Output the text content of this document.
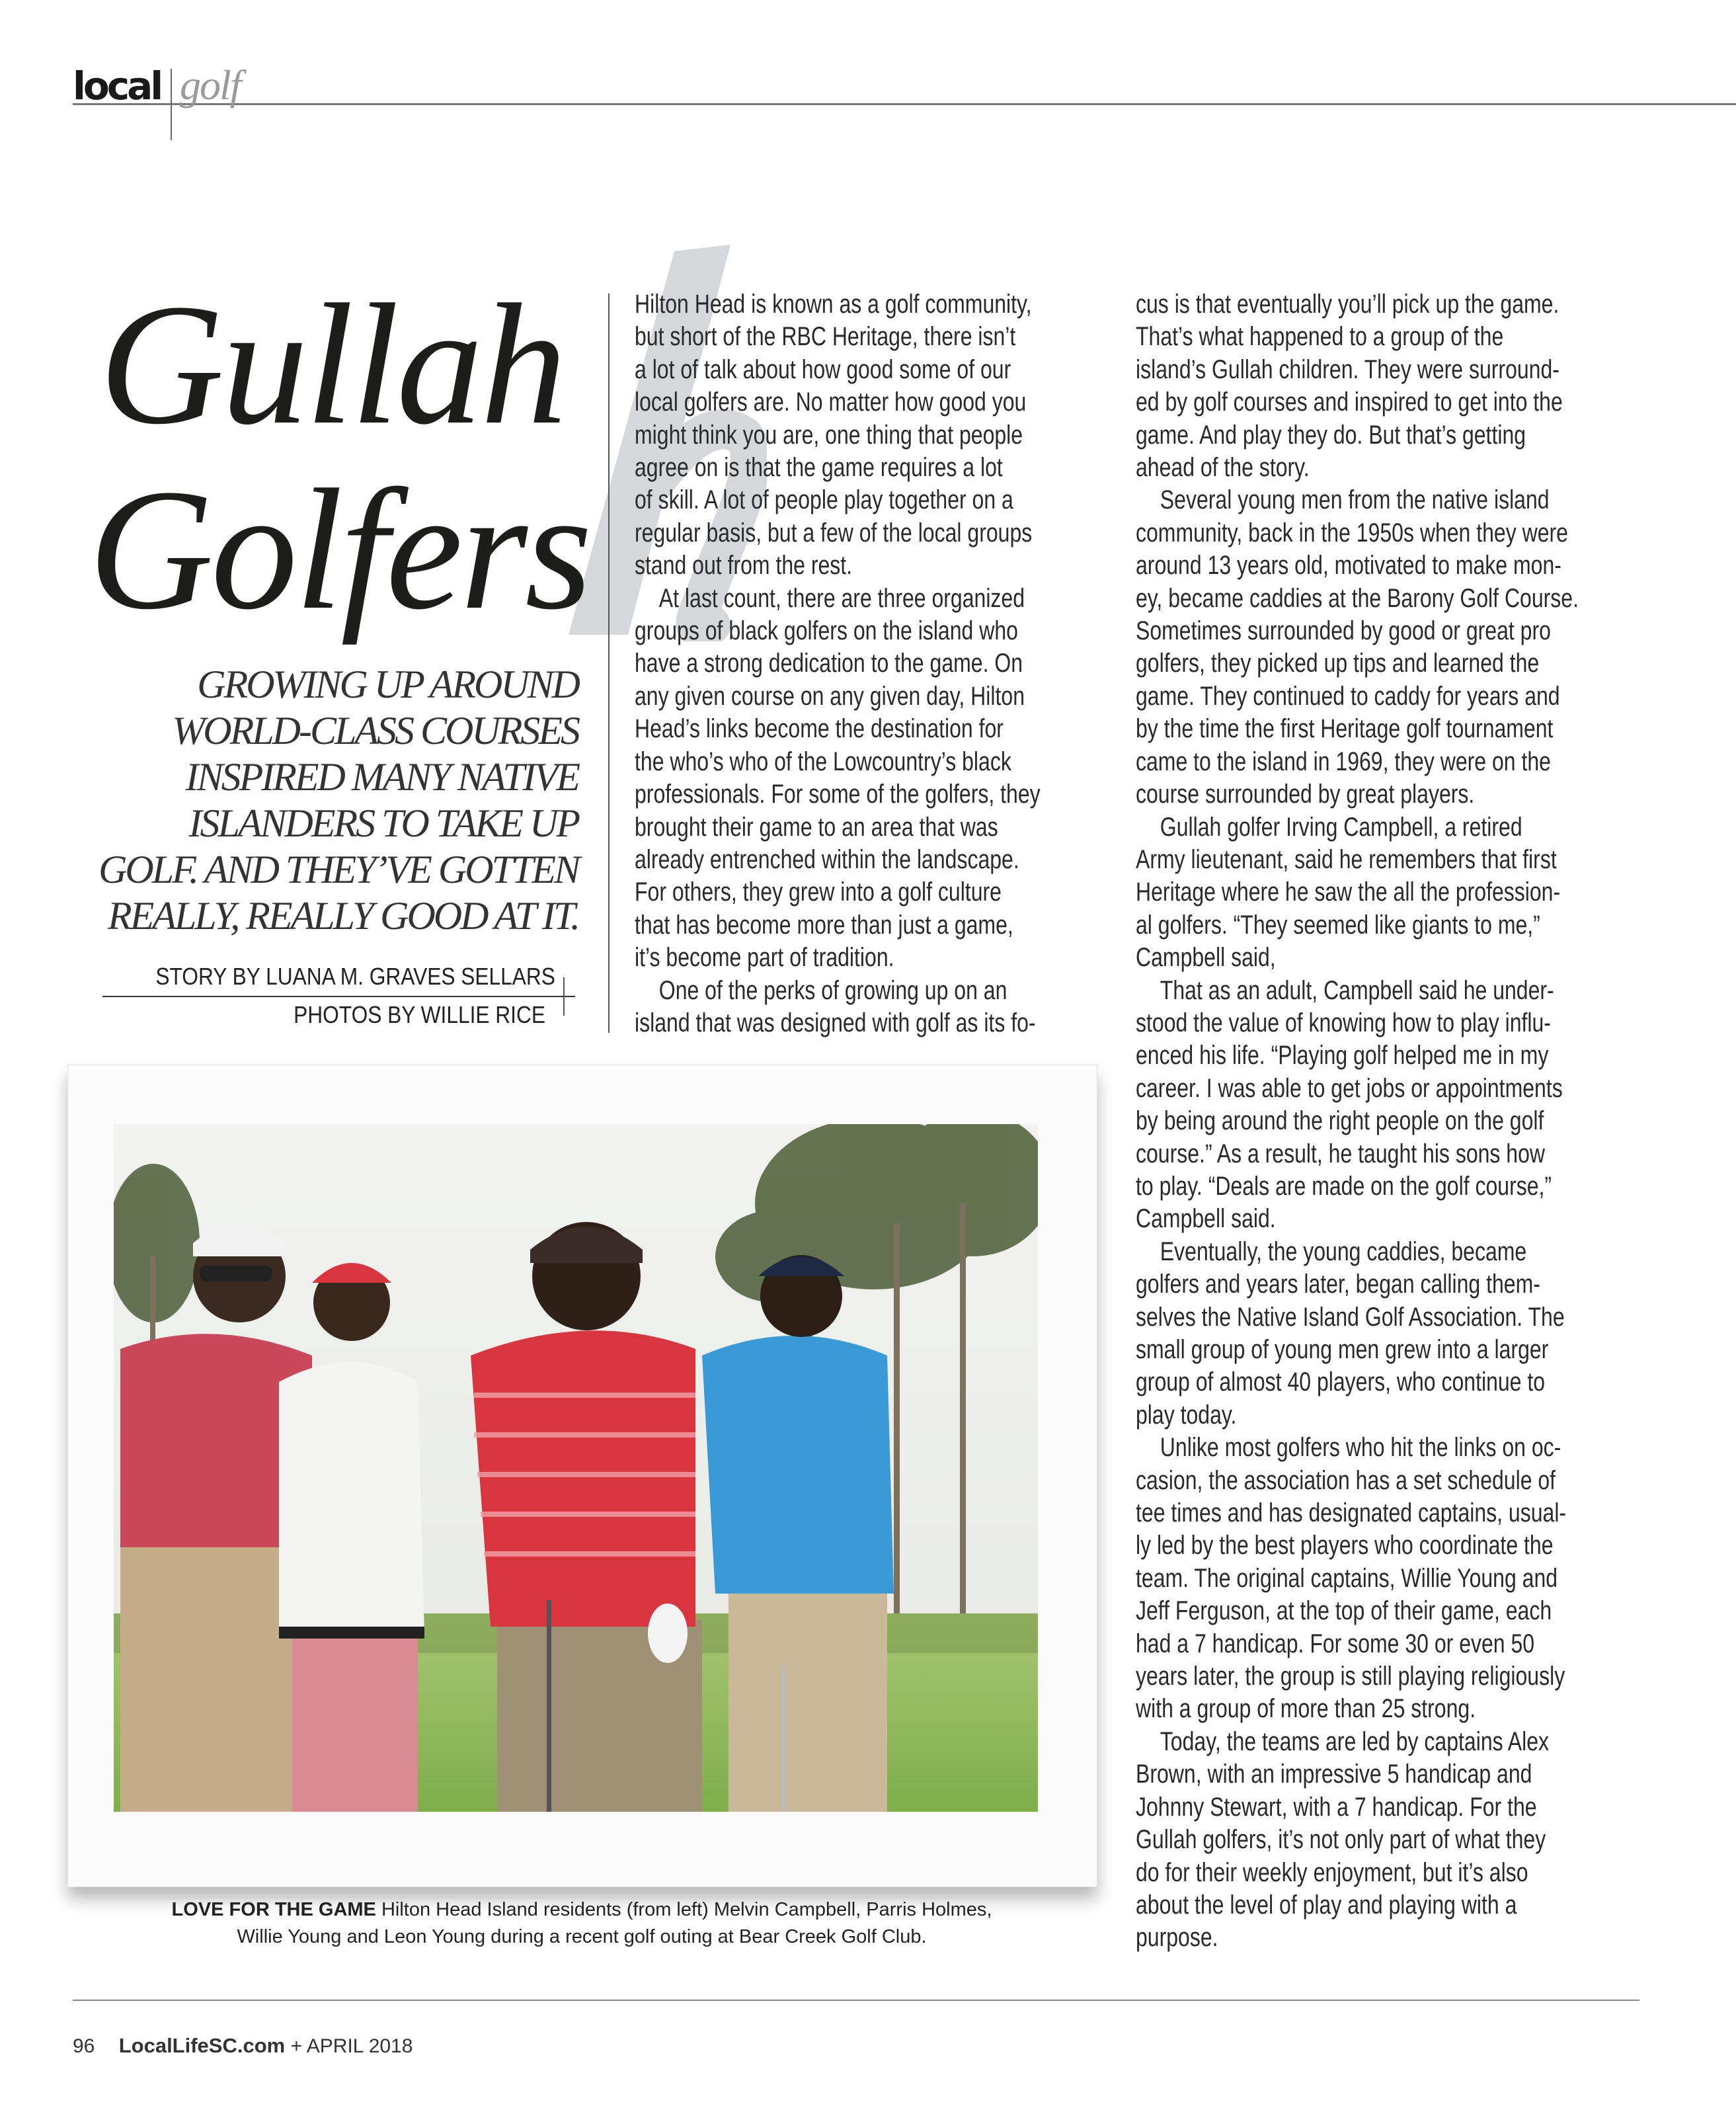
local golf
Gullah
Golfers
GROWING UP AROUND
WORLD-CLASS COURSES
INSPIRED MANY NATIVE
ISLANDERS TO TAKE UP
GOLF. AND THEY’VE GOTTEN
REALLY, REALLY GOOD AT IT.
STORY BY LUANA M. GRAVES SELLARS
PHOTOS BY WILLIE RICE
Hilton Head is known as a golf community,
but short of the RBC Heritage, there isn’t
a lot of talk about how good some of our
local golfers are. No matter how good you
might think you are, one thing that people
agree on is that the game requires a lot
of skill. A lot of people play together on a
regular basis, but a few of the local groups
stand out from the rest.
At last count, there are three organized
groups of black golfers on the island who
have a strong dedication to the game. On
any given course on any given day, Hilton
Head’s links become the destination for
the who’s who of the Lowcountry’s black
professionals. For some of the golfers, they
brought their game to an area that was
already entrenched within the landscape.
For others, they grew into a golf culture
that has become more than just a game,
it’s become part of tradition.
One of the perks of growing up on an
island that was designed with golf as its fo-
cus is that eventually you’ll pick up the game.
That’s what happened to a group of the
island’s Gullah children. They were surround-
ed by golf courses and inspired to get into the
game. And play they do. But that’s getting
ahead of the story.
Several young men from the native island
community, back in the 1950s when they were
around 13 years old, motivated to make mon-
ey, became caddies at the Barony Golf Course.
Sometimes surrounded by good or great pro
golfers, they picked up tips and learned the
game. They continued to caddy for years and
by the time the first Heritage golf tournament
came to the island in 1969, they were on the
course surrounded by great players.
Gullah golfer Irving Campbell, a retired
Army lieutenant, said he remembers that first
Heritage where he saw the all the profession-
al golfers. “They seemed like giants to me,”
Campbell said,
That as an adult, Campbell said he under-
stood the value of knowing how to play influ-
enced his life. “Playing golf helped me in my
career. I was able to get jobs or appointments
by being around the right people on the golf
course.” As a result, he taught his sons how
to play. “Deals are made on the golf course,”
Campbell said.
Eventually, the young caddies, became
golfers and years later, began calling them-
selves the Native Island Golf Association. The
small group of young men grew into a larger
group of almost 40 players, who continue to
play today.
Unlike most golfers who hit the links on oc-
casion, the association has a set schedule of
tee times and has designated captains, usual-
ly led by the best players who coordinate the
team. The original captains, Willie Young and
Jeff Ferguson, at the top of their game, each
had a 7 handicap. For some 30 or even 50
years later, the group is still playing religiously
with a group of more than 25 strong.
Today, the teams are led by captains Alex
Brown, with an impressive 5 handicap and
Johnny Stewart, with a 7 handicap. For the
Gullah golfers, it’s not only part of what they
do for their weekly enjoyment, but it’s also
about the level of play and playing with a
purpose.
LOVE FOR THE GAME Hilton Head Island residents (from left) Melvin Campbell, Parris Holmes,
Willie Young and Leon Young during a recent golf outing at Bear Creek Golf Club.
96 LocalLifeSC.com + APRIL 2018
